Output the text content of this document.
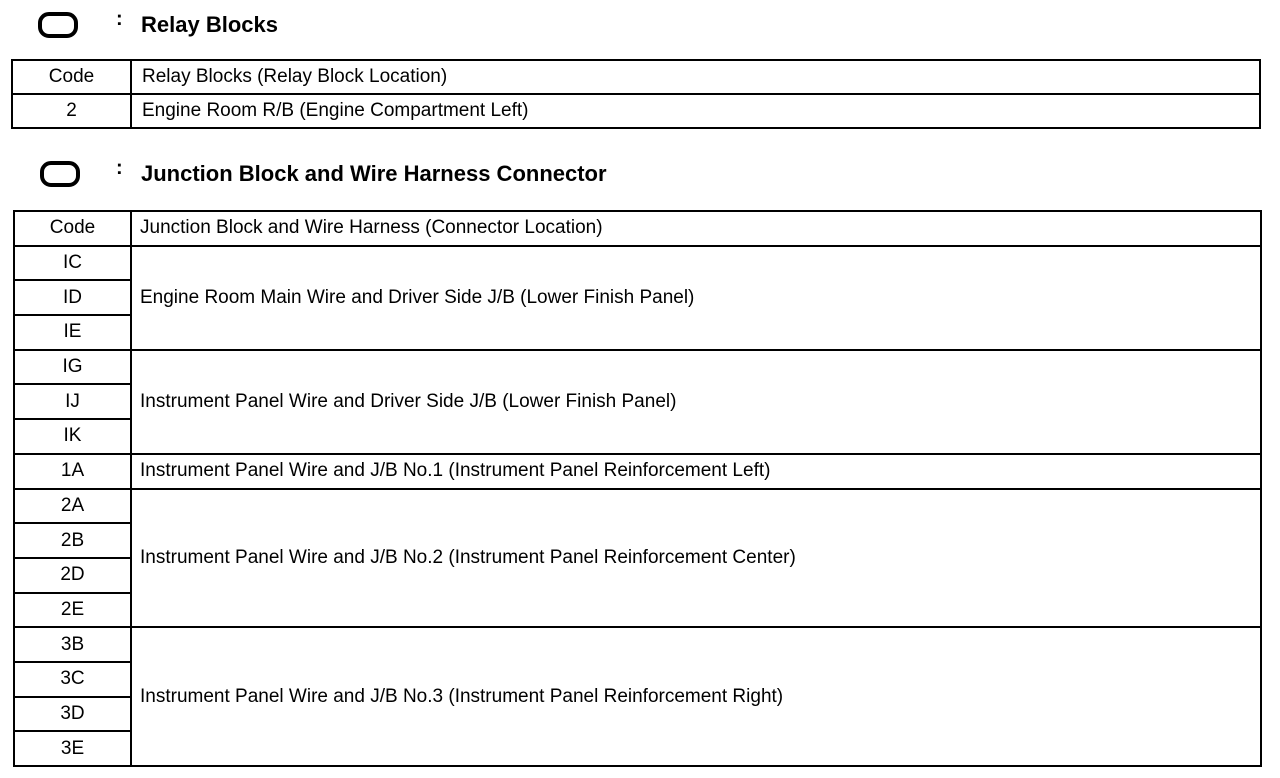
: Relay Blocks
Code	Relay Blocks (Relay Block Location)
2	Engine Room R/B (Engine Compartment Left)
: Junction Block and Wire Harness Connector
Code	Junction Block and Wire Harness (Connector Location)
IC	Engine Room Main Wire and Driver Side J/B (Lower Finish Panel)
ID	
IE	
IG	Instrument Panel Wire and Driver Side J/B (Lower Finish Panel)
IJ	
IK	
1A	Instrument Panel Wire and J/B No.1 (Instrument Panel Reinforcement Left)
2A	Instrument Panel Wire and J/B No.2 (Instrument Panel Reinforcement Center)
2B	
2D	
2E	
3B	Instrument Panel Wire and J/B No.3 (Instrument Panel Reinforcement Right)
3C	
3D	
3E	
